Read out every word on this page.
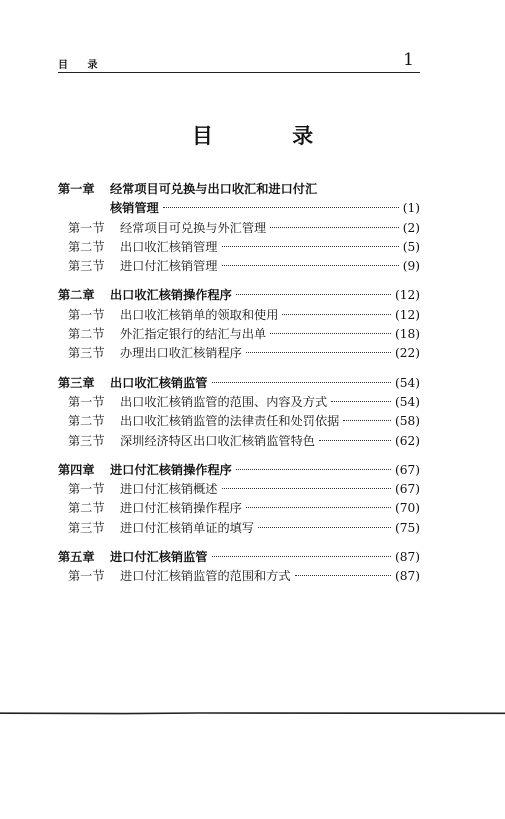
目 录	1
目 录
第一章	经常项目可兑换与出口收汇和进口付汇
核销管理	(1)
第一节	经常项目可兑换与外汇管理	(2)
第二节	出口收汇核销管理	(5)
第三节	进口付汇核销管理	(9)
第二章	出口收汇核销操作程序	(12)
第一节	出口收汇核销单的领取和使用	(12)
第二节	外汇指定银行的结汇与出单	(18)
第三节	办理出口收汇核销程序	(22)
第三章	出口收汇核销监管	(54)
第一节	出口收汇核销监管的范围、内容及方式	(54)
第二节	出口收汇核销监管的法律责任和处罚依据	(58)
第三节	深圳经济特区出口收汇核销监管特色	(62)
第四章	进口付汇核销操作程序	(67)
第一节	进口付汇核销概述	(67)
第二节	进口付汇核销操作程序	(70)
第三节	进口付汇核销单证的填写	(75)
第五章	进口付汇核销监管	(87)
第一节	进口付汇核销监管的范围和方式	(87)
